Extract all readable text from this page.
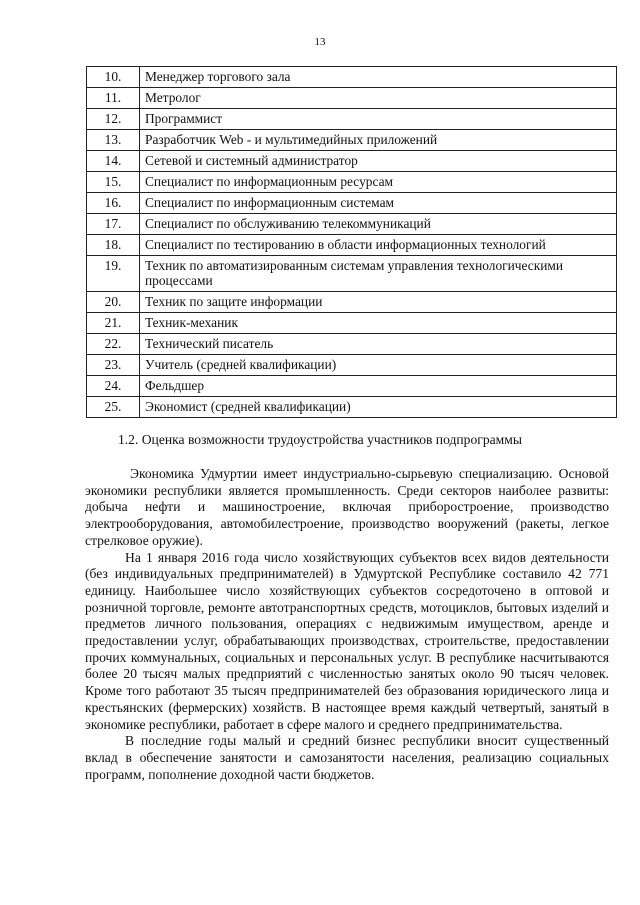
13
10.	Менеджер торгового зала
11.	Метролог
12.	Программист
13.	Разработчик Web - и мультимедийных приложений
14.	Сетевой и системный администратор
15.	Специалист по информационным ресурсам
16.	Специалист по информационным системам
17.	Специалист по обслуживанию телекоммуникаций
18.	Специалист по тестированию в области информационных технологий
19.	Техник по автоматизированным системам управления технологическими процессами
20.	Техник по защите информации
21.	Техник-механик
22.	Технический писатель
23.	Учитель (средней квалификации)
24.	Фельдшер
25.	Экономист (средней квалификации)
1.2. Оценка возможности трудоустройства участников подпрограммы

Экономика Удмуртии имеет индустриально-сырьевую специализацию. Основой экономики республики является промышленность. Среди секторов наиболее развиты: добыча нефти и машиностроение, включая приборостроение, производство электрооборудования, автомобилестроение, производство вооружений (ракеты, легкое стрелковое оружие).

На 1 января 2016 года число хозяйствующих субъектов всех видов деятельности (без индивидуальных предпринимателей) в Удмуртской Республике составило 42 771 единицу. Наибольшее число хозяйствующих субъектов сосредоточено в оптовой и розничной торговле, ремонте автотранспортных средств, мотоциклов, бытовых изделий и предметов личного пользования, операциях с недвижимым имуществом, аренде и предоставлении услуг, обрабатывающих производствах, строительстве, предоставлении прочих коммунальных, социальных и персональных услуг. В республике насчитываются более 20 тысяч малых предприятий с численностью занятых около 90 тысяч человек. Кроме того работают 35 тысяч предпринимателей без образования юридического лица и крестьянских (фермерских) хозяйств. В настоящее время каждый четвертый, занятый в экономике республики, работает в сфере малого и среднего предпринимательства.

В последние годы малый и средний бизнес республики вносит существенный вклад в обеспечение занятости и самозанятости населения, реализацию социальных программ, пополнение доходной части бюджетов.
